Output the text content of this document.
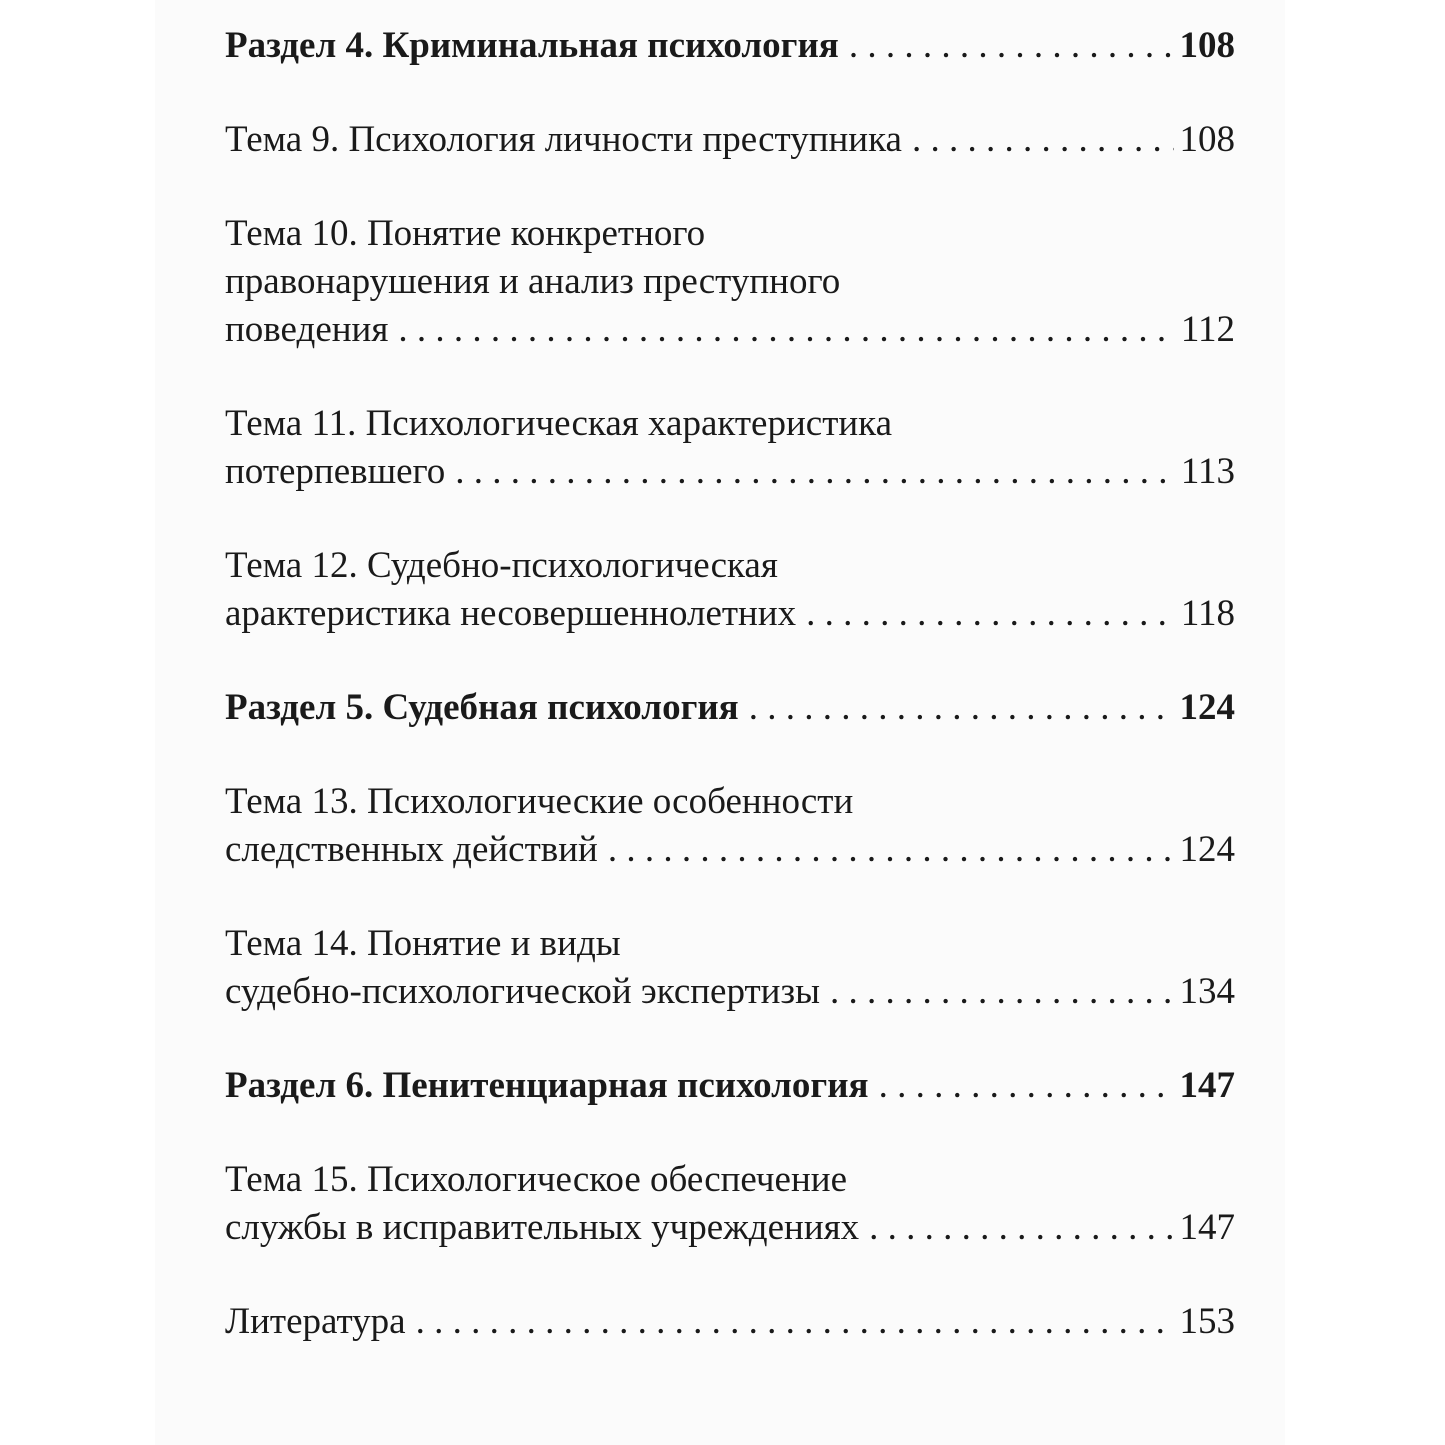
Раздел 4. Криминальная психология . . .	108
Тема 9. Психология личности преступника . . .	108
Тема 10. Понятие конкретного
правонарушения и анализ преступного
поведения . . .	112
Тема 11. Психологическая характеристика
потерпевшего . . .	113
Тема 12. Судебно-психологическая
арактеристика несовершеннолетних . . .	118
Раздел 5. Судебная психология . . .	124
Тема 13. Психологические особенности
следственных действий . . .	124
Тема 14. Понятие и виды
судебно-психологической экспертизы . . .	134
Раздел 6. Пенитенциарная психология . . .	147
Тема 15. Психологическое обеспечение
службы в исправительных учреждениях . . .	147
Литература . . .	153
